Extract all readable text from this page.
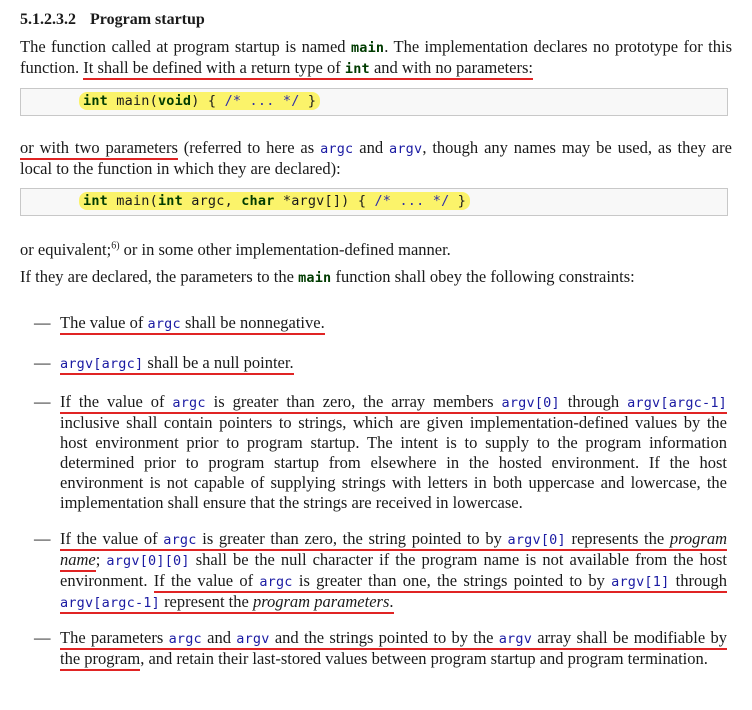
5.1.2.3.2 Program startup
The function called at program startup is named main. The implementation declares no prototype for this function. It shall be defined with a return type of int and with no parameters:
int main(void) { /* ... */ }
or with two parameters (referred to here as argc and argv, though any names may be used, as they are local to the function in which they are declared):
int main(int argc, char *argv[]) { /* ... */ }
or equivalent;$^{6)}$ or in some other implementation-defined manner.
If they are declared, the parameters to the main function shall obey the following constraints:
— The value of argc shall be nonnegative.
— argv[argc] shall be a null pointer.
— If the value of argc is greater than zero, the array members argv[0] through argv[argc-1] inclusive shall contain pointers to strings, which are given implementation-defined values by the host environment prior to program startup. The intent is to supply to the program information determined prior to program startup from elsewhere in the hosted environment. If the host environment is not capable of supplying strings with letters in both uppercase and lowercase, the implementation shall ensure that the strings are received in lowercase.
— If the value of argc is greater than zero, the string pointed to by argv[0] represents the program name; argv[0][0] shall be the null character if the program name is not available from the host environment. If the value of argc is greater than one, the strings pointed to by argv[1] through argv[argc-1] represent the program parameters.
— The parameters argc and argv and the strings pointed to by the argv array shall be modifiable by the program, and retain their last-stored values between program startup and program termination.
